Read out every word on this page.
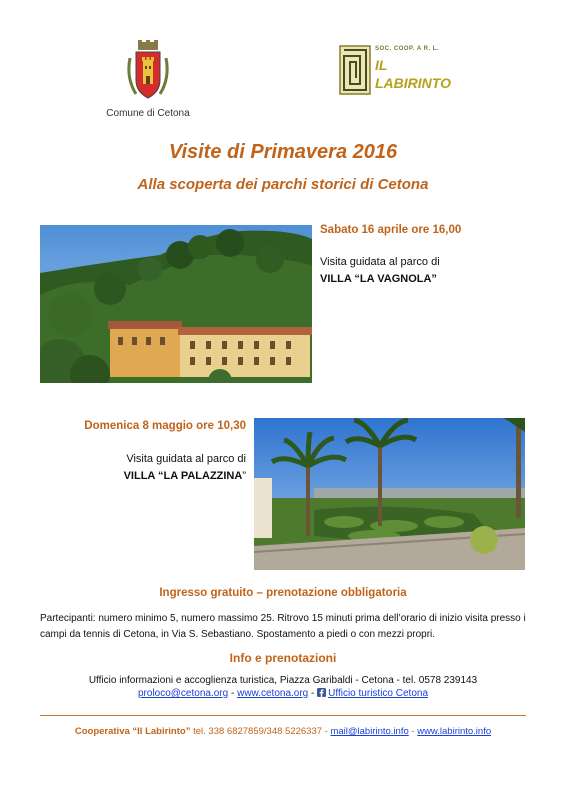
Comune di Cetona
SOC. COOP. A R. L.
IL
LABIRINTO
Visite di Primavera 2016
Alla scoperta dei parchi storici di Cetona
Sabato 16 aprile ore 16,00
Visita guidata al parco di
VILLA “LA VAGNOLA”
Domenica 8 maggio ore 10,30
Visita guidata al parco di
VILLA “LA PALAZZINA”
Ingresso gratuito – prenotazione obbligatoria
Partecipanti: numero minimo 5, numero massimo 25. Ritrovo 15 minuti prima dell’orario di inizio visita presso i campi da tennis di Cetona, in Via S. Sebastiano. Spostamento a piedi o con mezzi propri.
Info e prenotazioni
Ufficio informazioni e accoglienza turistica, Piazza Garibaldi - Cetona - tel. 0578 239143
proloco@cetona.org - www.cetona.org - Ufficio turistico Cetona
Cooperativa “Il Labirinto” tel. 338 6827859/348 5226337 - mail@labirinto.info - www.labirinto.info
